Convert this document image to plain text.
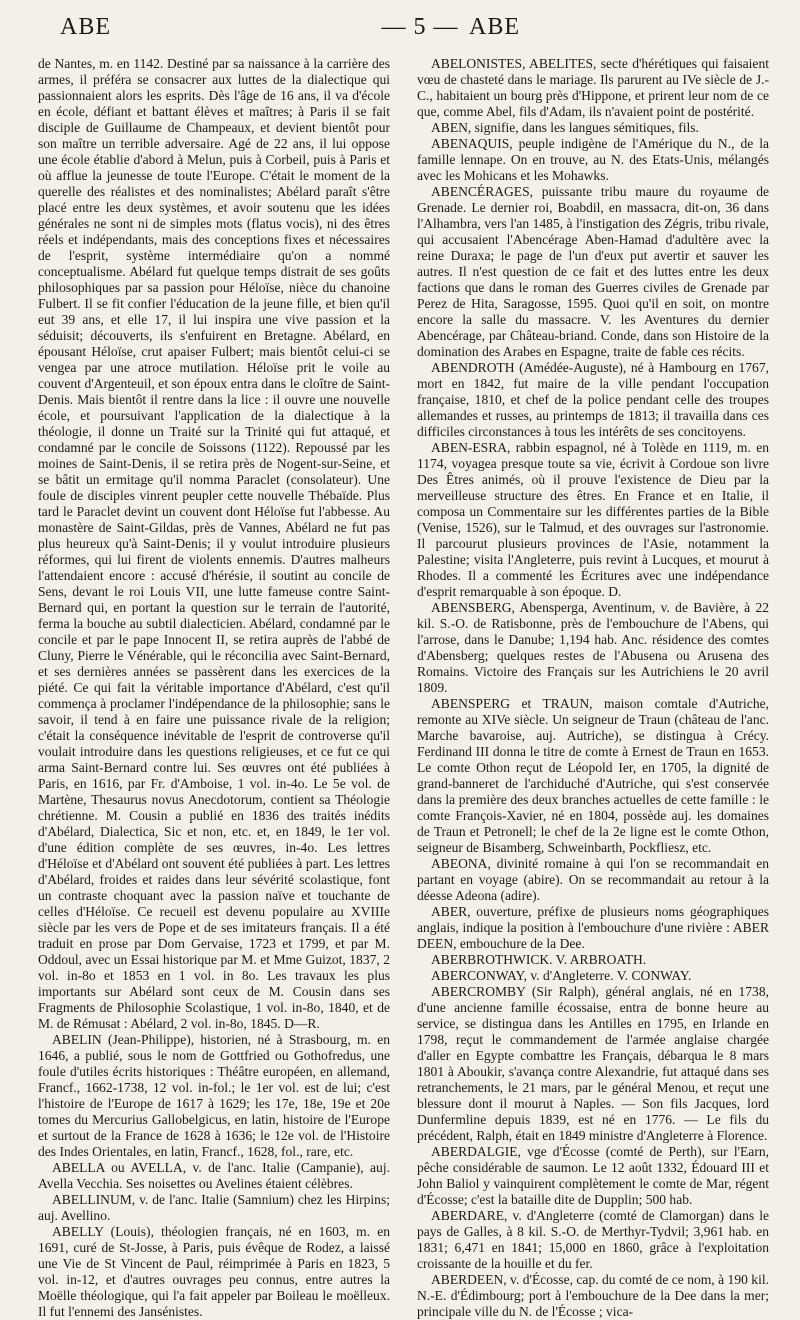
ABE	— 5 — ABE

de Nantes, m. en 1142. Destiné par sa naissance à la carrière des armes, il préféra se consacrer aux luttes de la dialectique qui passionnaient alors les esprits. Dès l'âge de 16 ans, il va d'école en école, défiant et battant élèves et maîtres; à Paris il se fait disciple de Guillaume de Champeaux, et devient bientôt pour son maître un terrible adversaire. Agé de 22 ans, il lui oppose une école établie d'abord à Melun, puis à Corbeil, puis à Paris et où afflue la jeunesse de toute l'Europe. C'était le moment de la querelle des réalistes et des nominalistes; Abélard paraît s'être placé entre les deux systèmes, et avoir soutenu que les idées générales ne sont ni de simples mots (flatus vocis), ni des êtres réels et indépendants, mais des conceptions fixes et nécessaires de l'esprit, système intermédiaire qu'on a nommé conceptualisme. Abélard fut quelque temps distrait de ses goûts philosophiques par sa passion pour Héloïse, nièce du chanoine Fulbert. Il se fit confier l'éducation de la jeune fille, et bien qu'il eut 39 ans, et elle 17, il lui inspira une vive passion et la séduisit; découverts, ils s'enfuirent en Bretagne. Abélard, en épousant Héloïse, crut apaiser Fulbert; mais bientôt celui-ci se vengea par une atroce mutilation. Héloïse prit le voile au couvent d'Argenteuil, et son époux entra dans le cloître de Saint-Denis. Mais bientôt il rentre dans la lice : il ouvre une nouvelle école, et poursuivant l'application de la dialectique à la théologie, il donne un Traité sur la Trinité qui fut attaqué, et condamné par le concile de Soissons (1122). Repoussé par les moines de Saint-Denis, il se retira près de Nogent-sur-Seine, et se bâtit un ermitage qu'il nomma Paraclet (consolateur). Une foule de disciples vinrent peupler cette nouvelle Thébaïde. Plus tard le Paraclet devint un couvent dont Héloïse fut l'abbesse. Au monastère de Saint-Gildas, près de Vannes, Abélard ne fut pas plus heureux qu'à Saint-Denis; il y voulut introduire plusieurs réformes, qui lui firent de violents ennemis. D'autres malheurs l'attendaient encore : accusé d'hérésie, il soutint au concile de Sens, devant le roi Louis VII, une lutte fameuse contre Saint-Bernard qui, en portant la question sur le terrain de l'autorité, ferma la bouche au subtil dialecticien. Abélard, condamné par le concile et par le pape Innocent II, se retira auprès de l'abbé de Cluny, Pierre le Vénérable, qui le réconcilia avec Saint-Bernard, et ses dernières années se passèrent dans les exercices de la piété. Ce qui fait la véritable importance d'Abélard, c'est qu'il commença à proclamer l'indépendance de la philosophie; sans le savoir, il tend à en faire une puissance rivale de la religion; c'était la conséquence inévitable de l'esprit de controverse qu'il voulait introduire dans les questions religieuses, et ce fut ce qui arma Saint-Bernard contre lui. Ses œuvres ont été publiées à Paris, en 1616, par Fr. d'Amboise, 1 vol. in-4o. Le 5e vol. de Martène, Thesaurus novus Anecdotorum, contient sa Théologie chrétienne. M. Cousin a publié en 1836 des traités inédits d'Abélard, Dialectica, Sic et non, etc. et, en 1849, le 1er vol. d'une édition complète de ses œuvres, in-4o. Les lettres d'Héloïse et d'Abélard ont souvent été publiées à part. Les lettres d'Abélard, froides et raides dans leur sévérité scolastique, font un contraste choquant avec la passion naïve et touchante de celles d'Héloïse. Ce recueil est devenu populaire au XVIIIe siècle par les vers de Pope et de ses imitateurs français. Il a été traduit en prose par Dom Gervaise, 1723 et 1799, et par M. Oddoul, avec un Essai historique par M. et Mme Guizot, 1837, 2 vol. in-8o et 1853 en 1 vol. in 8o. Les travaux les plus importants sur Abélard sont ceux de M. Cousin dans ses Fragments de Philosophie Scolastique, 1 vol. in-8o, 1840, et de M. de Rémusat : Abélard, 2 vol. in-8o, 1845. D—R.

ABELIN (Jean-Philippe), historien, né à Strasbourg, m. en 1646, a publié, sous le nom de Gottfried ou Gothofredus, une foule d'utiles écrits historiques : Théâtre européen, en allemand, Francf., 1662-1738, 12 vol. in-fol.; le 1er vol. est de lui; c'est l'histoire de l'Europe de 1617 à 1629; les 17e, 18e, 19e et 20e tomes du Mercurius Gallobelgicus, en latin, histoire de l'Europe et surtout de la France de 1628 à 1636; le 12e vol. de l'Histoire des Indes Orientales, en latin, Francf., 1628, fol., rare, etc.

ABELLA ou AVELLA, v. de l'anc. Italie (Campanie), auj. Avella Vecchia. Ses noisettes ou Avelines étaient célèbres.

ABELLINUM, v. de l'anc. Italie (Samnium) chez les Hirpins; auj. Avellino.

ABELLY (Louis), théologien français, né en 1603, m. en 1691, curé de St-Josse, à Paris, puis évêque de Rodez, a laissé une Vie de St Vincent de Paul, réimprimée à Paris en 1823, 5 vol. in-12, et d'autres ouvrages peu connus, entre autres la Moëlle théologique, qui l'a fait appeler par Boileau le moëlleux. Il fut l'ennemi des Jansénistes.

ABELONISTES, ABELITES, secte d'hérétiques qui faisaient vœu de chasteté dans le mariage. Ils parurent au IVe siècle de J.-C., habitaient un bourg près d'Hippone, et prirent leur nom de ce que, comme Abel, fils d'Adam, ils n'avaient point de postérité.

ABEN, signifie, dans les langues sémitiques, fils.

ABENAQUIS, peuple indigène de l'Amérique du N., de la famille lennape. On en trouve, au N. des Etats-Unis, mélangés avec les Mohicans et les Mohawks.

ABENCÉRAGES, puissante tribu maure du royaume de Grenade. Le dernier roi, Boabdil, en massacra, dit-on, 36 dans l'Alhambra, vers l'an 1485, à l'instigation des Zégris, tribu rivale, qui accusaient l'Abencérage Aben-Hamad d'adultère avec la reine Duraxa; le page de l'un d'eux put avertir et sauver les autres. Il n'est question de ce fait et des luttes entre les deux factions que dans le roman des Guerres civiles de Grenade par Perez de Hita, Saragosse, 1595. Quoi qu'il en soit, on montre encore la salle du massacre. V. les Aventures du dernier Abencérage, par Château-briand. Conde, dans son Histoire de la domination des Arabes en Espagne, traite de fable ces récits.

ABENDROTH (Amédée-Auguste), né à Hambourg en 1767, mort en 1842, fut maire de la ville pendant l'occupation française, 1810, et chef de la police pendant celle des troupes allemandes et russes, au printemps de 1813; il travailla dans ces difficiles circonstances à tous les intérêts de ses concitoyens.

ABEN-ESRA, rabbin espagnol, né à Tolède en 1119, m. en 1174, voyagea presque toute sa vie, écrivit à Cordoue son livre Des Êtres animés, où il prouve l'existence de Dieu par la merveilleuse structure des êtres. En France et en Italie, il composa un Commentaire sur les différentes parties de la Bible (Venise, 1526), sur le Talmud, et des ouvrages sur l'astronomie. Il parcourut plusieurs provinces de l'Asie, notamment la Palestine; visita l'Angleterre, puis revint à Lucques, et mourut à Rhodes. Il a commenté les Écritures avec une indépendance d'esprit remarquable à son époque. D.

ABENSBERG, Abensperga, Aventinum, v. de Bavière, à 22 kil. S.-O. de Ratisbonne, près de l'embouchure de l'Abens, qui l'arrose, dans le Danube; 1,194 hab. Anc. résidence des comtes d'Abensberg; quelques restes de l'Abusena ou Arusena des Romains. Victoire des Français sur les Autrichiens le 20 avril 1809.

ABENSPERG et TRAUN, maison comtale d'Autriche, remonte au XIVe siècle. Un seigneur de Traun (château de l'anc. Marche bavaroise, auj. Autriche), se distingua à Crécy. Ferdinand III donna le titre de comte à Ernest de Traun en 1653. Le comte Othon reçut de Léopold Ier, en 1705, la dignité de grand-banneret de l'archiduché d'Autriche, qui s'est conservée dans la première des deux branches actuelles de cette famille : le comte François-Xavier, né en 1804, possède auj. les domaines de Traun et Petronell; le chef de la 2e ligne est le comte Othon, seigneur de Bisamberg, Schweinbarth, Pockfliesz, etc.

ABEONA, divinité romaine à qui l'on se recommandait en partant en voyage (abire). On se recommandait au retour à la déesse Adeona (adire).

ABER, ouverture, préfixe de plusieurs noms géographiques anglais, indique la position à l'embouchure d'une rivière : ABER DEEN, embouchure de la Dee.

ABERBROTHWICK. V. ARBROATH.

ABERCONWAY, v. d'Angleterre. V. CONWAY.

ABERCROMBY (Sir Ralph), général anglais, né en 1738, d'une ancienne famille écossaise, entra de bonne heure au service, se distingua dans les Antilles en 1795, en Irlande en 1798, reçut le commandement de l'armée anglaise chargée d'aller en Egypte combattre les Français, débarqua le 8 mars 1801 à Aboukir, s'avança contre Alexandrie, fut attaqué dans ses retranchements, le 21 mars, par le général Menou, et reçut une blessure dont il mourut à Naples. — Son fils Jacques, lord Dunfermline depuis 1839, est né en 1776. — Le fils du précédent, Ralph, était en 1849 ministre d'Angleterre à Florence.

ABERDALGIE, vge d'Écosse (comté de Perth), sur l'Earn, pêche considérable de saumon. Le 12 août 1332, Édouard III et John Baliol y vainquirent complètement le comte de Mar, régent d'Écosse; c'est la bataille dite de Dupplin; 500 hab.

ABERDARE, v. d'Angleterre (comté de Clamorgan) dans le pays de Galles, à 8 kil. S.-O. de Merthyr-Tydvil; 3,961 hab. en 1831; 6,471 en 1841; 15,000 en 1860, grâce à l'exploitation croissante de la houille et du fer.

ABERDEEN, v. d'Écosse, cap. du comté de ce nom, à 190 kil. N.-E. d'Édimbourg; port à l'embouchure de la Dee dans la mer; principale ville du N. de l'Écosse ; vica-
